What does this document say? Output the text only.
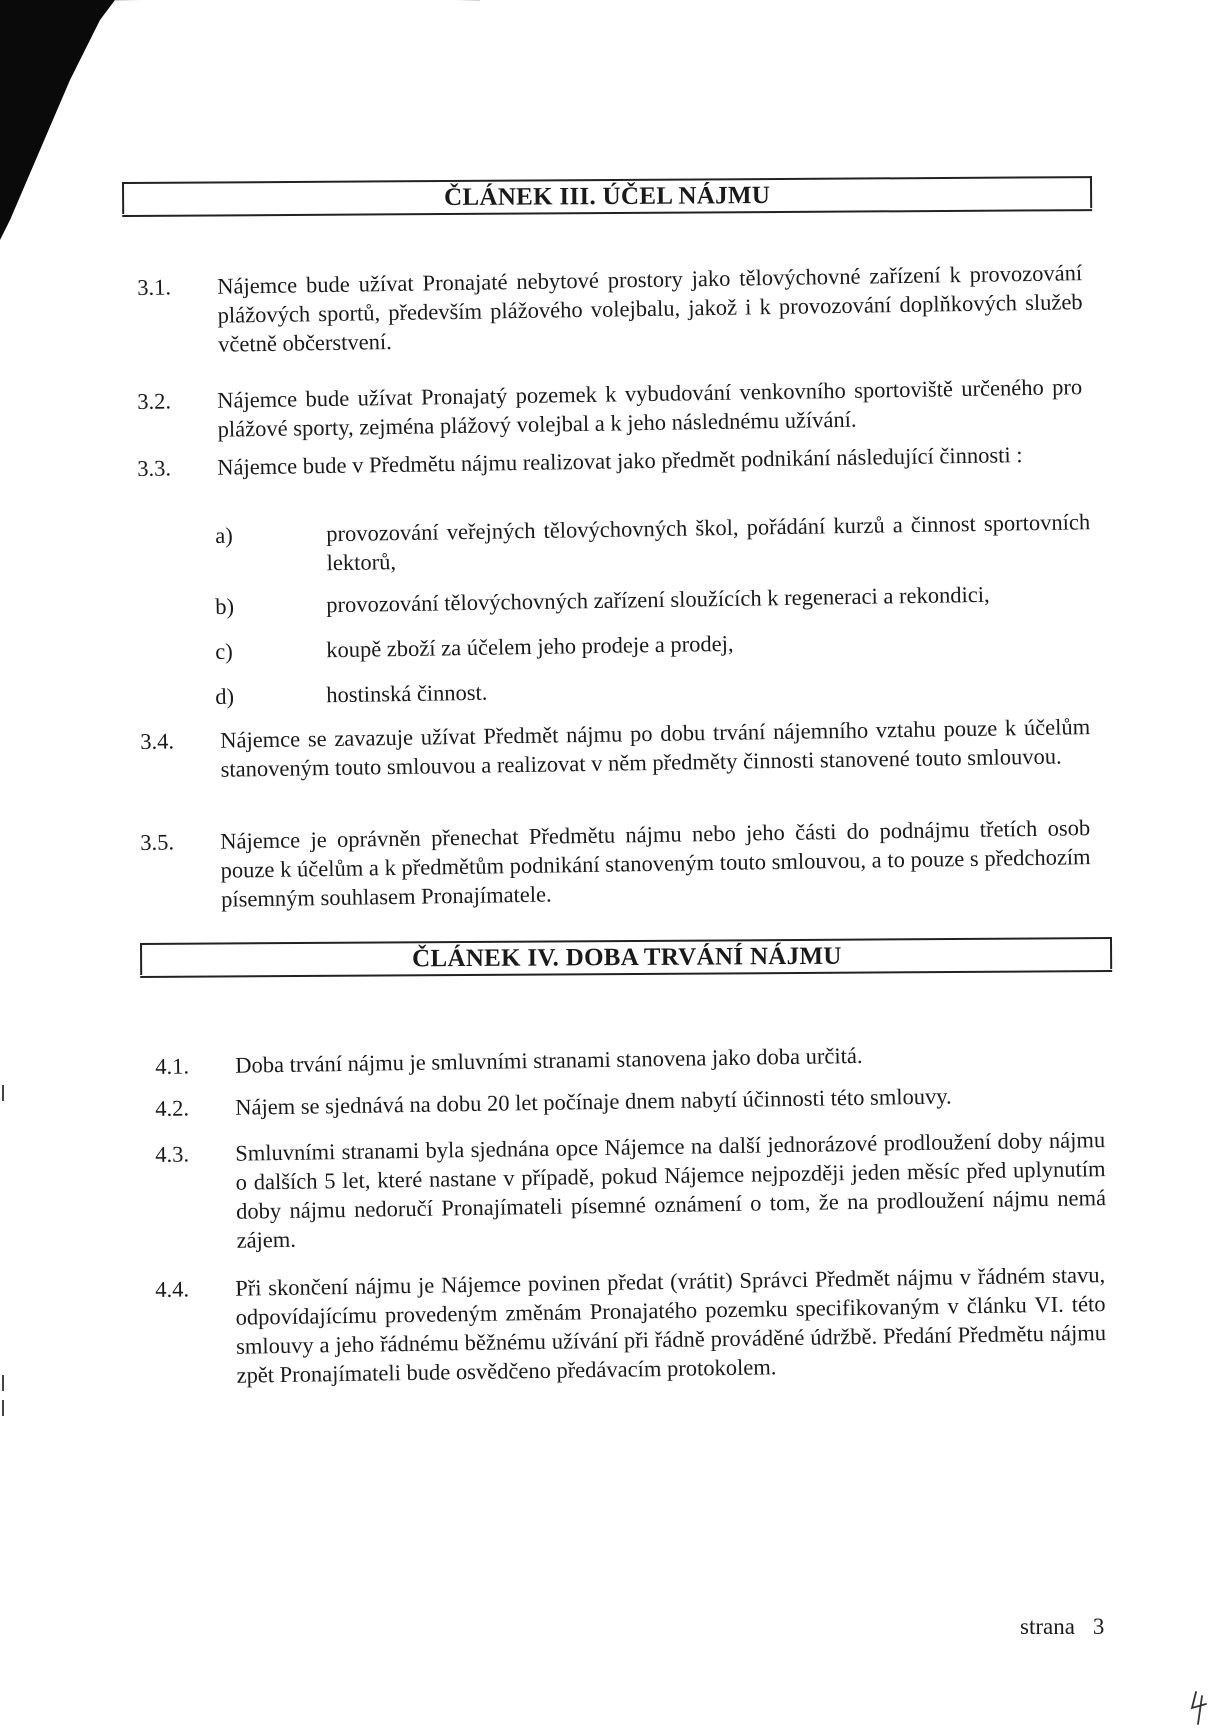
ČLÁNEK III. ÚČEL NÁJMU
3.1. Nájemce bude užívat Pronajaté nebytové prostory jako tělovýchovné zařízení k provozování plážových sportů, především plážového volejbalu, jakož i k provozování doplňkových služeb včetně občerstvení.
3.2. Nájemce bude užívat Pronajatý pozemek k vybudování venkovního sportoviště určeného pro plážové sporty, zejména plážový volejbal a k jeho následnému užívání.
3.3. Nájemce bude v Předmětu nájmu realizovat jako předmět podnikání následující činnosti :
a)	provozování veřejných tělovýchovných škol, pořádání kurzů a činnost sportovních lektorů,
b)	provozování tělovýchovných zařízení sloužících k regeneraci a rekondici,
c)	koupě zboží za účelem jeho prodeje a prodej,
d)	hostinská činnost.
3.4. Nájemce se zavazuje užívat Předmět nájmu po dobu trvání nájemního vztahu pouze k účelům stanoveným touto smlouvou a realizovat v něm předměty činnosti stanovené touto smlouvou.
3.5. Nájemce je oprávněn přenechat Předmětu nájmu nebo jeho části do podnájmu třetích osob pouze k účelům a k předmětům podnikání stanoveným touto smlouvou, a to pouze s předchozím písemným souhlasem Pronajímatele.
ČLÁNEK IV. DOBA TRVÁNÍ NÁJMU
4.1. Doba trvání nájmu je smluvními stranami stanovena jako doba určitá.
4.2. Nájem se sjednává na dobu 20 let počínaje dnem nabytí účinnosti této smlouvy.
4.3. Smluvními stranami byla sjednána opce Nájemce na další jednorázové prodloužení doby nájmu o dalších 5 let, které nastane v případě, pokud Nájemce nejpozději jeden měsíc před uplynutím doby nájmu nedoručí Pronajímateli písemné oznámení o tom, že na prodloužení nájmu nemá zájem.
4.4. Při skončení nájmu je Nájemce povinen předat (vrátit) Správci Předmět nájmu v řádném stavu, odpovídajícímu provedeným změnám Pronajatého pozemku specifikovaným v článku VI. této smlouvy a jeho řádnému běžnému užívání při řádně prováděné údržbě. Předání Předmětu nájmu zpět Pronajímateli bude osvědčeno předávacím protokolem.
strana 3
